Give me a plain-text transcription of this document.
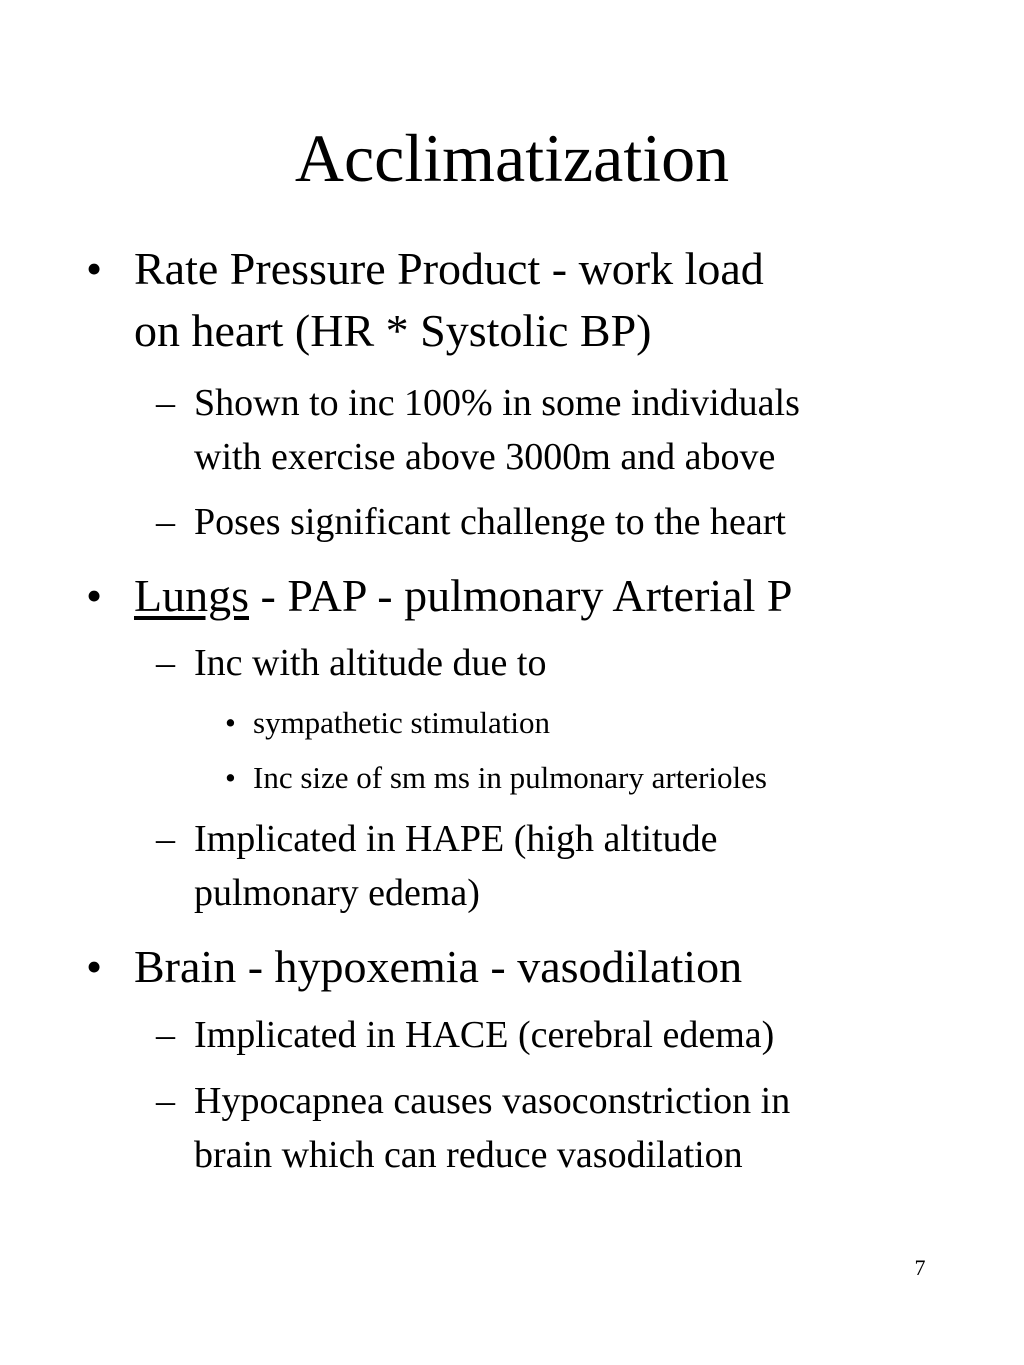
Acclimatization
• Rate Pressure Product - work load
on heart (HR * Systolic BP)
– Shown to inc 100% in some individuals
with exercise above 3000m and above
– Poses significant challenge to the heart
• Lungs - PAP - pulmonary Arterial P
– Inc with altitude due to
• sympathetic stimulation
• Inc size of sm ms in pulmonary arterioles
– Implicated in HAPE (high altitude
pulmonary edema)
• Brain - hypoxemia - vasodilation
– Implicated in HACE (cerebral edema)
– Hypocapnea causes vasoconstriction in
brain which can reduce vasodilation
7
